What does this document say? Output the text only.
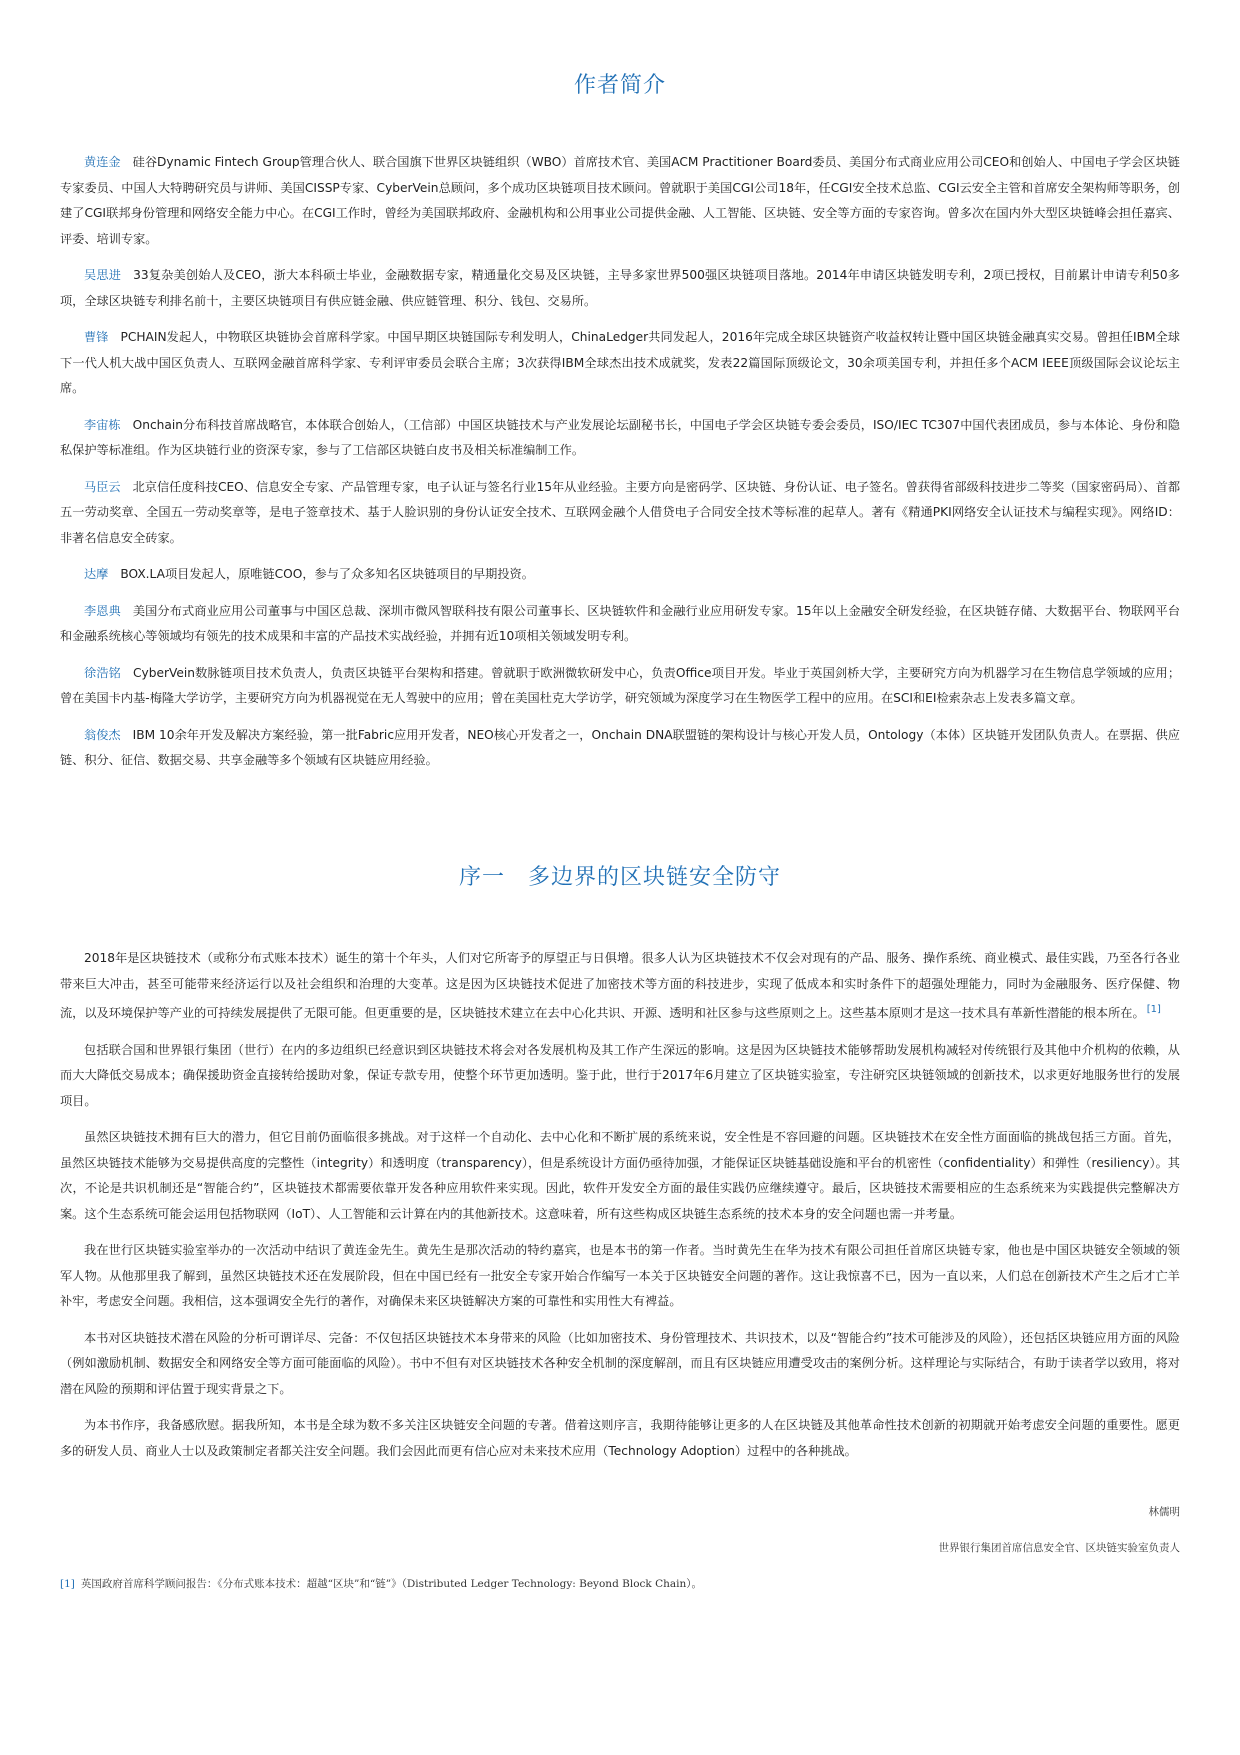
作者简介

黄连金 硅谷Dynamic Fintech Group管理合伙人、联合国旗下世界区块链组织（WBO）首席技术官、美国ACM Practitioner Board委员、美国分布式商业应用公司CEO和创始人、中国电子学会区块链专家委员、中国人大特聘研究员与讲师、美国CISSP专家、CyberVein总顾问，多个成功区块链项目技术顾问。曾就职于美国CGI公司18年，任CGI安全技术总监、CGI云安全主管和首席安全架构师等职务，创建了CGI联邦身份管理和网络安全能力中心。在CGI工作时，曾经为美国联邦政府、金融机构和公用事业公司提供金融、人工智能、区块链、安全等方面的专家咨询。曾多次在国内外大型区块链峰会担任嘉宾、评委、培训专家。

吴思进 33复杂美创始人及CEO，浙大本科硕士毕业，金融数据专家，精通量化交易及区块链，主导多家世界500强区块链项目落地。2014年申请区块链发明专利，2项已授权，目前累计申请专利50多项，全球区块链专利排名前十，主要区块链项目有供应链金融、供应链管理、积分、钱包、交易所。

曹锋 PCHAIN发起人，中物联区块链协会首席科学家。中国早期区块链国际专利发明人，ChinaLedger共同发起人，2016年完成全球区块链资产收益权转让暨中国区块链金融真实交易。曾担任IBM全球下一代人机大战中国区负责人、互联网金融首席科学家、专利评审委员会联合主席；3次获得IBM全球杰出技术成就奖，发表22篇国际顶级论文，30余项美国专利，并担任多个ACM IEEE顶级国际会议论坛主席。

李宙栋 Onchain分布科技首席战略官，本体联合创始人，（工信部）中国区块链技术与产业发展论坛副秘书长，中国电子学会区块链专委会委员，ISO/IEC TC307中国代表团成员，参与本体论、身份和隐私保护等标准组。作为区块链行业的资深专家，参与了工信部区块链白皮书及相关标准编制工作。

马臣云 北京信任度科技CEO、信息安全专家、产品管理专家，电子认证与签名行业15年从业经验。主要方向是密码学、区块链、身份认证、电子签名。曾获得省部级科技进步二等奖（国家密码局）、首都五一劳动奖章、全国五一劳动奖章等，是电子签章技术、基于人脸识别的身份认证安全技术、互联网金融个人借贷电子合同安全技术等标准的起草人。著有《精通PKI网络安全认证技术与编程实现》。网络ID：非著名信息安全砖家。

达摩 BOX.LA项目发起人，原唯链COO，参与了众多知名区块链项目的早期投资。

李恩典 美国分布式商业应用公司董事与中国区总裁、深圳市微风智联科技有限公司董事长、区块链软件和金融行业应用研发专家。15年以上金融安全研发经验，在区块链存储、大数据平台、物联网平台和金融系统核心等领域均有领先的技术成果和丰富的产品技术实战经验，并拥有近10项相关领域发明专利。

徐浩铭 CyberVein数脉链项目技术负责人，负责区块链平台架构和搭建。曾就职于欧洲微软研发中心，负责Office项目开发。毕业于英国剑桥大学，主要研究方向为机器学习在生物信息学领域的应用；曾在美国卡内基-梅隆大学访学，主要研究方向为机器视觉在无人驾驶中的应用；曾在美国杜克大学访学，研究领域为深度学习在生物医学工程中的应用。在SCI和EI检索杂志上发表多篇文章。

翁俊杰 IBM 10余年开发及解决方案经验，第一批Fabric应用开发者，NEO核心开发者之一，Onchain DNA联盟链的架构设计与核心开发人员，Ontology（本体）区块链开发团队负责人。在票据、供应链、积分、征信、数据交易、共享金融等多个领域有区块链应用经验。

序一　多边界的区块链安全防守

2018年是区块链技术（或称分布式账本技术）诞生的第十个年头，人们对它所寄予的厚望正与日俱增。很多人认为区块链技术不仅会对现有的产品、服务、操作系统、商业模式、最佳实践，乃至各行各业带来巨大冲击，甚至可能带来经济运行以及社会组织和治理的大变革。这是因为区块链技术促进了加密技术等方面的科技进步，实现了低成本和实时条件下的超强处理能力，同时为金融服务、医疗保健、物流，以及环境保护等产业的可持续发展提供了无限可能。但更重要的是，区块链技术建立在去中心化共识、开源、透明和社区参与这些原则之上。这些基本原则才是这一技术具有革新性潜能的根本所在。 [1]

包括联合国和世界银行集团（世行）在内的多边组织已经意识到区块链技术将会对各发展机构及其工作产生深远的影响。这是因为区块链技术能够帮助发展机构减轻对传统银行及其他中介机构的依赖，从而大大降低交易成本；确保援助资金直接转给援助对象，保证专款专用，使整个环节更加透明。鉴于此，世行于2017年6月建立了区块链实验室，专注研究区块链领域的创新技术，以求更好地服务世行的发展项目。

虽然区块链技术拥有巨大的潜力，但它目前仍面临很多挑战。对于这样一个自动化、去中心化和不断扩展的系统来说，安全性是不容回避的问题。区块链技术在安全性方面面临的挑战包括三方面。首先，虽然区块链技术能够为交易提供高度的完整性（integrity）和透明度（transparency），但是系统设计方面仍亟待加强，才能保证区块链基础设施和平台的机密性（confidentiality）和弹性（resiliency）。其次，不论是共识机制还是“智能合约”，区块链技术都需要依靠开发各种应用软件来实现。因此，软件开发安全方面的最佳实践仍应继续遵守。最后，区块链技术需要相应的生态系统来为实践提供完整解决方案。这个生态系统可能会运用包括物联网（IoT）、人工智能和云计算在内的其他新技术。这意味着，所有这些构成区块链生态系统的技术本身的安全问题也需一并考量。

我在世行区块链实验室举办的一次活动中结识了黄连金先生。黄先生是那次活动的特约嘉宾，也是本书的第一作者。当时黄先生在华为技术有限公司担任首席区块链专家，他也是中国区块链安全领域的领军人物。从他那里我了解到，虽然区块链技术还在发展阶段，但在中国已经有一批安全专家开始合作编写一本关于区块链安全问题的著作。这让我惊喜不已，因为一直以来，人们总在创新技术产生之后才亡羊补牢，考虑安全问题。我相信，这本强调安全先行的著作，对确保未来区块链解决方案的可靠性和实用性大有裨益。

本书对区块链技术潜在风险的分析可谓详尽、完备：不仅包括区块链技术本身带来的风险（比如加密技术、身份管理技术、共识技术，以及“智能合约”技术可能涉及的风险），还包括区块链应用方面的风险（例如激励机制、数据安全和网络安全等方面可能面临的风险）。书中不但有对区块链技术各种安全机制的深度解剖，而且有区块链应用遭受攻击的案例分析。这样理论与实际结合，有助于读者学以致用，将对潜在风险的预期和评估置于现实背景之下。

为本书作序，我备感欣慰。据我所知，本书是全球为数不多关注区块链安全问题的专著。借着这则序言，我期待能够让更多的人在区块链及其他革命性技术创新的初期就开始考虑安全问题的重要性。愿更多的研发人员、商业人士以及政策制定者都关注安全问题。我们会因此而更有信心应对未来技术应用（Technology Adoption）过程中的各种挑战。

林儒明

世界银行集团首席信息安全官、区块链实验室负责人

[1] 英国政府首席科学顾问报告：《分布式账本技术：超越“区块”和“链”》（Distributed Ledger Technology: Beyond Block Chain）。
